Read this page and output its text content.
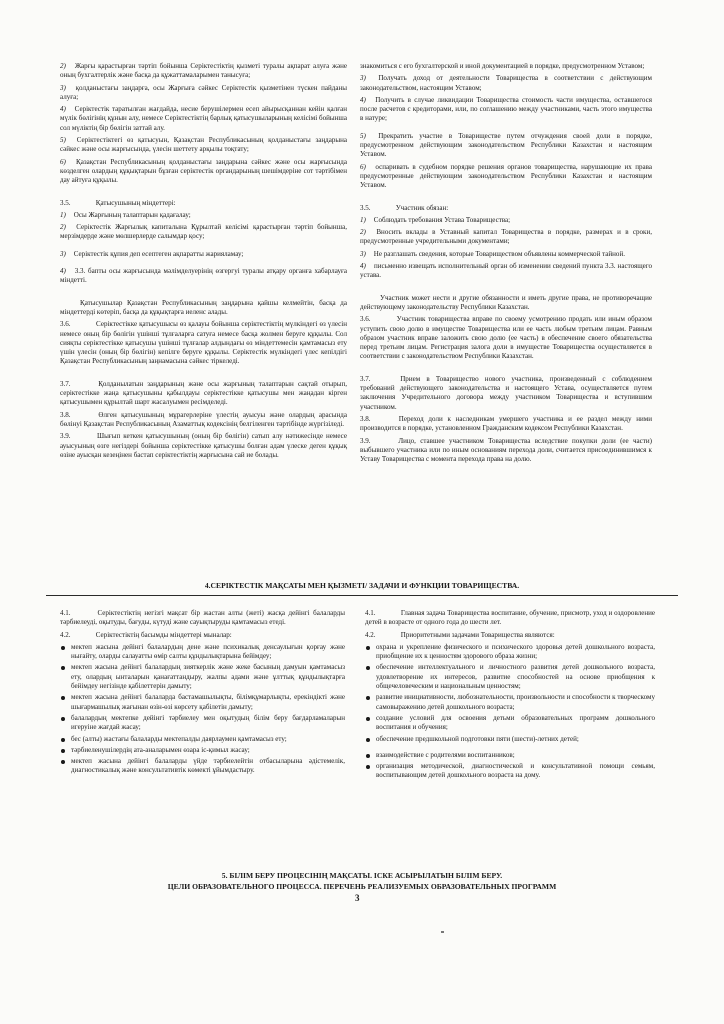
2) Жарғы қарастырған тәртіп бойынша Серіктестіктің қызметі туралы ақпарат алуға және оның бухгалтерлік және басқа да құжаттамаларымен танысуға;

3) қолданыстағы заңдарға, осы Жарғыға сәйкес Серіктестік қызметінен түскен пайданы алуға;

4) Серіктестік таратылған жағдайда, несие берушілермен есеп айырысқаннан кейін қалған мүлік бөлігінің құнын алу, немесе Серіктестіктің барлық қатысушыларының келісімі бойынша сол мүліктің бір бөлігін заттай алу.

5) Серіктестіктегі өз қатысуын, Қазақстан Республикасының қолданыстағы заңдарына сәйкес және осы жарғысында, үлесін шеттету арқылы тоқтату;

6) Қазақстан Республикасының қолданыстағы заңдарына сәйкес және осы жарғысында көзделген олардың құқықтарын бұзған серіктестік органдарының шешімдеріне сот тәртібімен дау айтуға құқылы.

3.5.	Қатысушының міндеттері:

1) Осы Жарғының талаптарын қадағалау;

2) Серіктестік Жарғылық капиталына Құрылтай келісімі қарастырған тәртіп бойынша, мерзімдерде және мөлшерлерде салымдар қосу;

3) Серіктестік құпия деп есептеген ақпаратты жарияламау;

4) 3.3. бапты осы жарғысында мәлімделуерінің өзгергуі туралы атқару органға хабарлауға міндетті.

Қатысушылар Қазақстан Республикасының заңдарына қайшы келмейтін, басқа да міндеттерді көтеріп, басқа да құқықтарға иеленс алады.

3.6.	Серіктестікке қатысушысы өз қалауы бойынша серіктестіктің мүлкіндегі өз үлесін немесе оның бір бөлігін үшінші тұлғаларға сатуға немесе басқа жолмен беруге құқылы. Сол сияқты серіктестікке қатысушы үшінші тұлғалар алдындағы өз міндеттемесін қамтамасыз ету үшін үлесін (оның бір бөлігін) кепілге беруге құқылы. Серіктестік мүлкіндегі үлес кепілдігі Қазақстан Республикасының заңнамасына сәйкес тіркеледі.

3.7.	Қолданылатын заңдарының және осы жарғының талаптарын сақтай отырып, серіктестікке жаңа қатысушыны қабылдауы серіктестікке қатысушы мен жаңадан кірген қатысушымен құрылтай шарт жасалуымен ресімделеді.

3.8.	Өлген қатысушының мұрагерлеріне үлестің ауысуы және олардың арасында бөлінуі Қазақстан Республикасының Азаматтық кодексінің белгіленген тәртібінде жүргізіледі.

3.9.	Шығып кеткен қатысушының (оның бір бөлігін) сатып алу нәтижесінде немесе ауысуының өзге негіздері бойынша серіктестікке қатысушы болған адам үлеске деген құқық өзіне ауысқан кезеңінен бастап серіктестіктің жарғысына сай ие болады.

знакомиться с его бухгалтерской и иной документацией в порядке, предусмотренном Уставом;

3) Получать доход от деятельности Товарищества в соответствии с действующим законодательством, настоящим Уставом;

4) Получить в случае ликвидации Товарищества стоимость части имущества, оставшегося после расчетов с кредиторами, или, по соглашению между участниками, часть этого имущества в натуре;

5) Прекратить участие в Товариществе путем отчуждения своей доли в порядке, предусмотренном действующим законодательством Республики Казахстан и настоящим Уставом.

6) оспаривать в судебном порядке решения органов товарищества, нарушающие их права предусмотренные действующим законодательством Республики Казахстан и настоящим Уставом.

3.5.	Участник обязан:

1) Соблюдать требования Устава Товарищества;

2) Вносить вклады в Уставный капитал Товарищества в порядке, размерах и в сроки, предусмотренные учредительными документами;

3) Не разглашать сведения, которые Товариществом объявлены коммерческой тайной.

4) письменно извещать исполнительный орган об изменении сведений пункта 3.3. настоящего устава.

Участник может нести и другие обязанности и иметь другие права, не противоречащие действующему законодательству Республики Казахстан.

3.6.	Участник товарищества вправе по своему усмотрению продать или иным образом уступить свою долю в имуществе Товарищества или ее часть любым третьим лицам. Равным образом участник вправе заложить свою долю (ее часть) в обеспечение своего обязательства перед третьим лицам. Регистрация залога доли в имуществе Товарищества осуществляется в соответствии с законодательством Республики Казахстан.

3.7.	Прием в Товарищество нового участника, произведенный с соблюдением требований действующего законодательства и настоящего Устава, осуществляется путем заключения Учредительного договора между участником Товарищества и вступившим участником.

3.8.	Переход доли к наследникам умершего участника и ее раздел между ними производится в порядке, установленном Гражданским кодексом Республики Казахстан.

3.9.	Лицо, ставшее участником Товарищества вследствие покупки доли (ее части) выбывшего участника или по иным основаниям перехода доли, считается присоединившимся к Уставу Товарищества с момента перехода права на долю.

4.СЕРІКТЕСТІК МАҚСАТЫ МЕН ҚЫЗМЕТІ/ ЗАДАЧИ И ФУНКЦИИ ТОВАРИЩЕСТВА.

4.1.	Серіктестіктің негізгі мақсат бір жастан алты (жеті) жасқа дейінгі балаларды тәрбиелеуді, оқытуды, бағуды, күтуді және сауықтыруды қамтамасыз етеді.

4.2.	Серіктестіктің басымды міндеттері мыналар:

мектеп жасына дейінгі балалардың дене және психикалық денсаулығын қорғау және нығайту, оларды салауатты өмір салты құндылықтарына бейімдеу;
мектеп жасына дейінгі балалардың зияткерлік және жеке басының дамуын қамтамасыз ету, олардың ынталарын қанағаттандыру, жалпы адами және ұлттық құндылықтарға бейімдеу негізінде қабілеттерін дамыту;
мектеп жасына дейінгі балаларда бастамашылықты, білімқұмарлықты, ерекіндікті және шығармашылық жағынан өзін-өзі көрсету қабілетін дамыту;
балалардың мектепке дейінгі тәрбиелеу мен оқытудың білім беру бағдарламаларын игеруіне жағдай жасау;
бес (алты) жастағы балаларды мектепалды даярлаумен қамтамасыз ету;
тәрбиеленушілердің ата-аналарымен өзара іс-қимыл жасау;
мектеп жасына дейінгі балаларды үйде тәрбиелейтін отбасыларына әдістемелік, диагностикалық және консультативтік көмекті ұйымдастыру.

4.1.	Главная задача Товарищества воспитание, обучение, присмотр, уход и оздоровление детей в возрасте от одного года до шести лет.

4.2.	Приоритетными задачами Товарищества являются:

охрана и укрепление физического и психического здоровья детей дошкольного возраста, приобщение их к ценностям здорового образа жизни;
обеспечение интеллектуального и личностного развития детей дошкольного возраста, удовлетворение их интересов, развитие способностей на основе приобщения к общечеловеческим и национальным ценностям;
развитие инициативности, любознательности, произвольности и способности к творческому самовыражению детей дошкольного возраста;
создание условий для освоения детьми образовательных программ дошкольного воспитания и обучения;
обеспечение предшкольной подготовки пяти (шести)-летних детей;
взаимодействие с родителями воспитанников;
организация методической, диагностической и консультативной помощи семьям, воспитывающим детей дошкольного возраста на дому.
5. БІЛІМ БЕРУ ПРОЦЕСІНІҢ МАҚСАТЫ. ІСКЕ АСЫРЫЛАТЫН БІЛІМ БЕРУ.
ЦЕЛИ ОБРАЗОВАТЕЛЬНОГО ПРОЦЕССА. ПЕРЕЧЕНЬ РЕАЛИЗУЕМЫХ ОБРАЗОВАТЕЛЬНЫХ ПРОГРАММ
3
